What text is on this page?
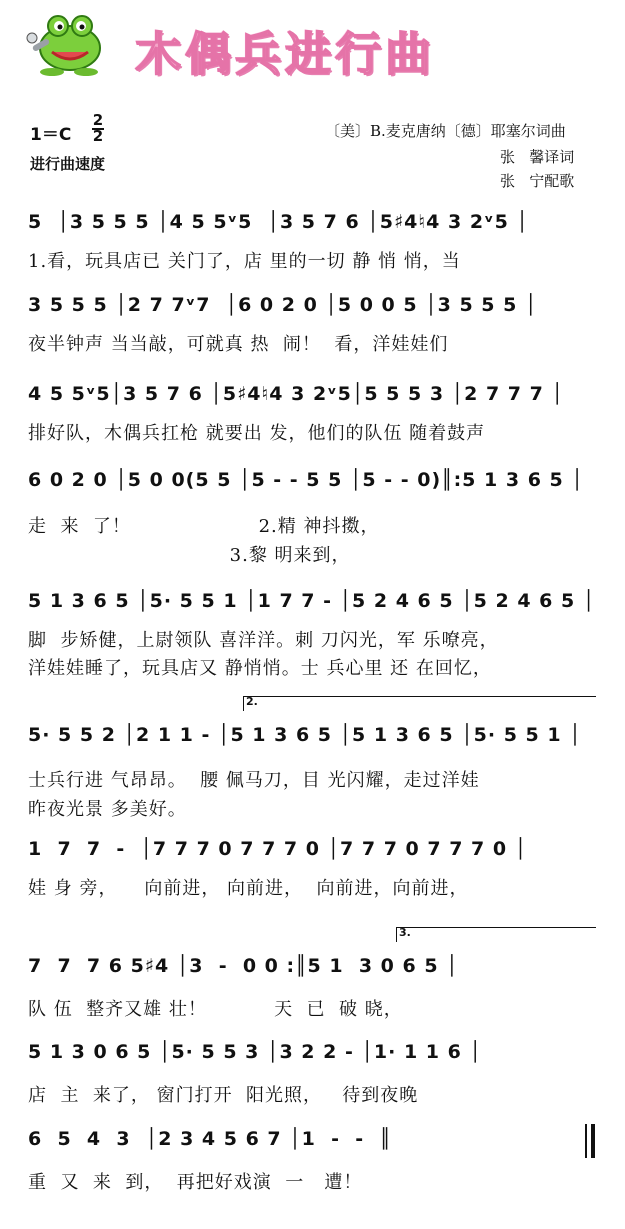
木偶兵进行曲
1＝C
2
2
进行曲速度
〔美〕B.麦克唐纳〔德〕耶塞尔词曲
张   馨译词
张   宁配歌
5  │3 5 5 5 │4 5 5ᵛ5  │3 5 7 6 │5♯4♮4 3 2ᵛ5 │
1.看，玩具店已 关门了，店 里的一切 静 悄 悄，当
3 5 5 5 │2 7 7ᵛ7  │6 0 2 0 │5 0 0 5 │3 5 5 5 │
夜半钟声 当当敲，可就真 热  闹！  看，洋娃娃们
4 5 5ᵛ5│3 5 7 6 │5♯4♮4 3 2ᵛ5│5 5 5 3 │2 7 7 7 │
排好队，木偶兵扛枪 就要出 发，他们的队伍 随着鼓声
6 0 2 0 │5 0 0(5 5 │5 - - 5 5 │5 - - 0)║:5 1 3 6 5 │
走  来  了！                   2.精 神抖擞，
3.黎 明来到，
5 1 3 6 5 │5· 5 5 1 │1 7 7 - │5 2 4 6 5 │5 2 4 6 5 │
脚  步矫健，上尉领队 喜洋洋。刺 刀闪光，军 乐嘹亮，
洋娃娃睡了，玩具店又 静悄悄。士 兵心里 还 在回忆，
2.
5· 5 5 2 │2 1 1 - │5 1 3 6 5 │5 1 3 6 5 │5· 5 5 1 │
士兵行进 气昂昂。  腰 佩马刀，目 光闪耀，走过洋娃
昨夜光景 多美好。
1  7  7  -  │7 7 7 0 7 7 7 0 │7 7 7 0 7 7 7 0 │
娃 身 旁，    向前进， 向前进，  向前进，向前进，
3.
7  7  7 6 5♯4 │3  -  0 0 :║5 1  3 0 6 5 │
队 伍  整齐又雄 壮！          天  已  破 晓，
5 1 3 0 6 5 │5· 5 5 3 │3 2 2 - │1· 1 1 6 │
店  主  来了， 窗门打开  阳光照，   待到夜晚
6  5  4  3  │2 3 4 5 6 7 │1  -  -  ║
重  又  来  到，  再把好戏演  一   遭！
